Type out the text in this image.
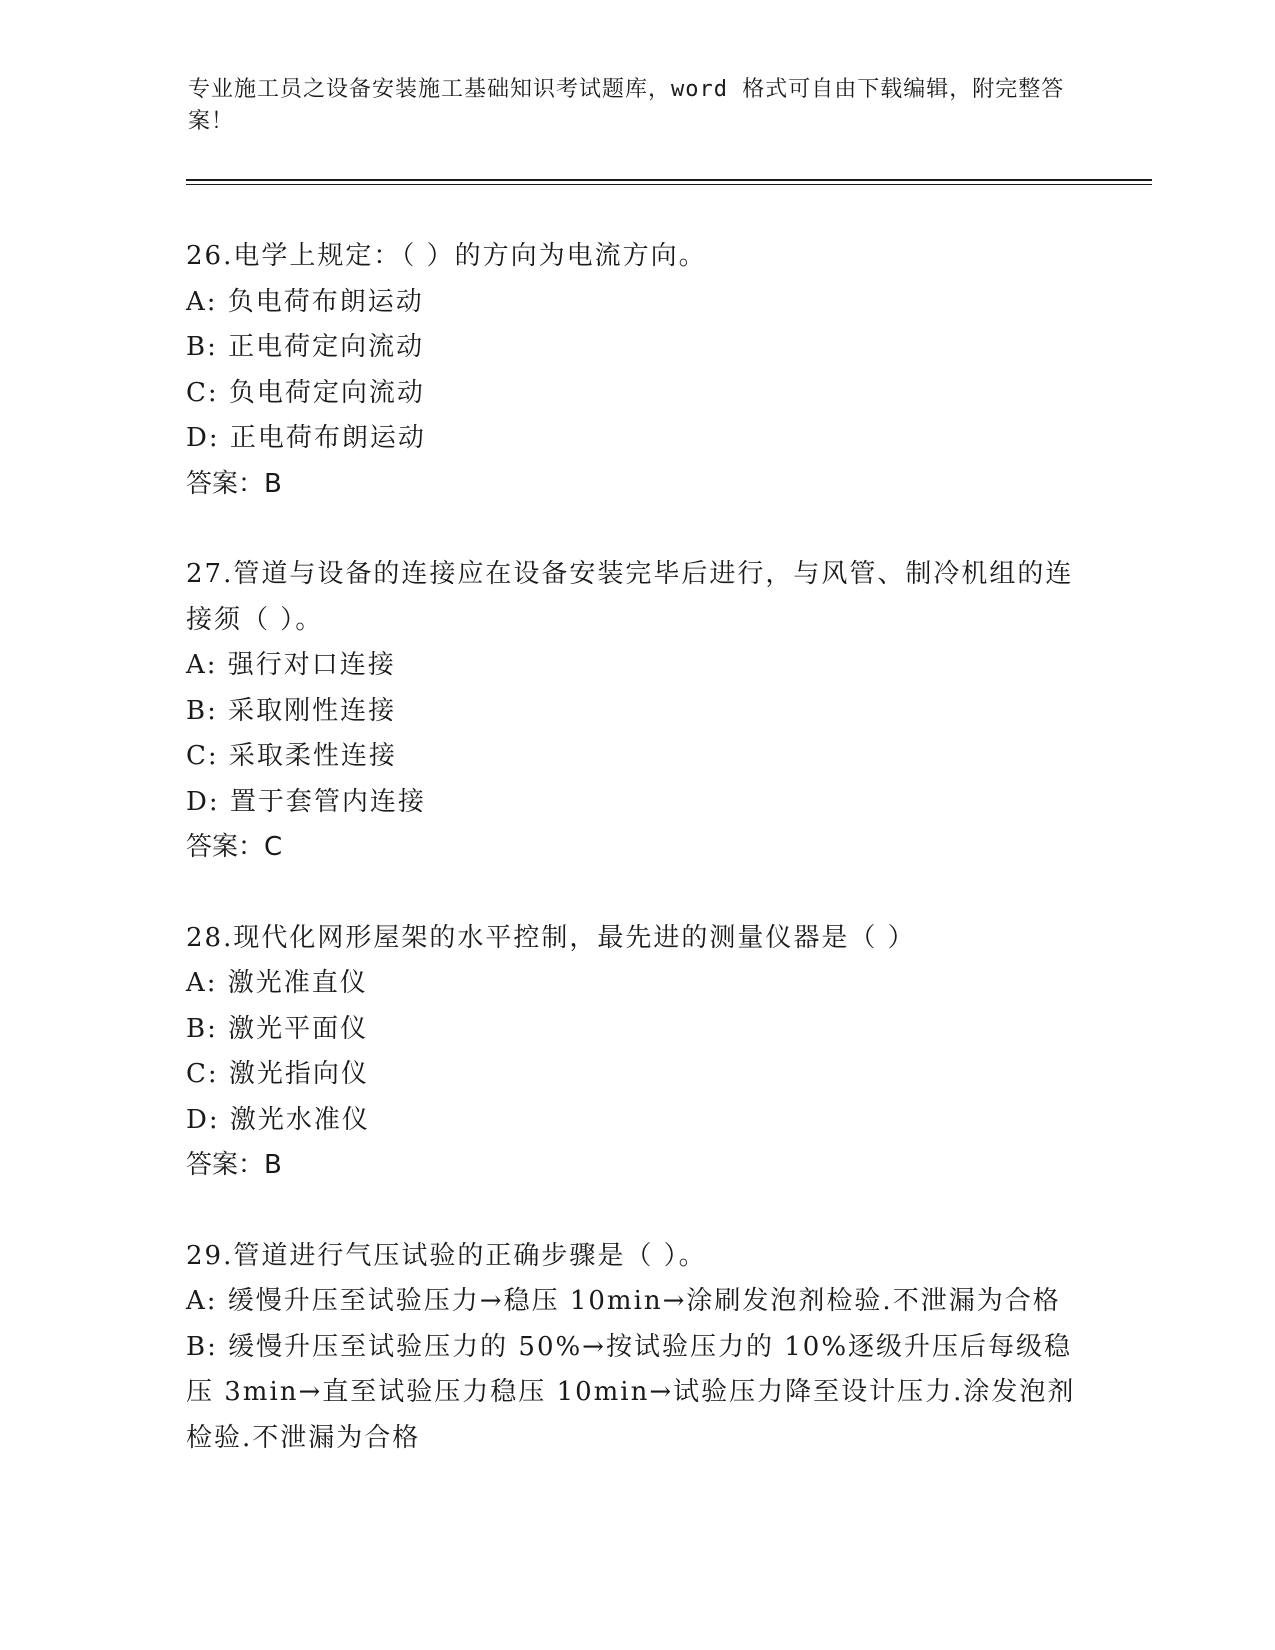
专业施工员之设备安装施工基础知识考试题库，word 格式可自由下载编辑，附完整答案！
26.电学上规定：（ ）的方向为电流方向。
A: 负电荷布朗运动
B: 正电荷定向流动
C: 负电荷定向流动
D: 正电荷布朗运动
答案：B
27.管道与设备的连接应在设备安装完毕后进行，与风管、制冷机组的连接须（ ）。
A: 强行对口连接
B: 采取刚性连接
C: 采取柔性连接
D: 置于套管内连接
答案：C
28.现代化网形屋架的水平控制，最先进的测量仪器是（ ）
A: 激光准直仪
B: 激光平面仪
C: 激光指向仪
D: 激光水准仪
答案：B
29.管道进行气压试验的正确步骤是（ ）。
A: 缓慢升压至试验压力→稳压 10min→涂刷发泡剂检验.不泄漏为合格
B: 缓慢升压至试验压力的 50%→按试验压力的 10%逐级升压后每级稳压 3min→直至试验压力稳压 10min→试验压力降至设计压力.涂发泡剂检验.不泄漏为合格
